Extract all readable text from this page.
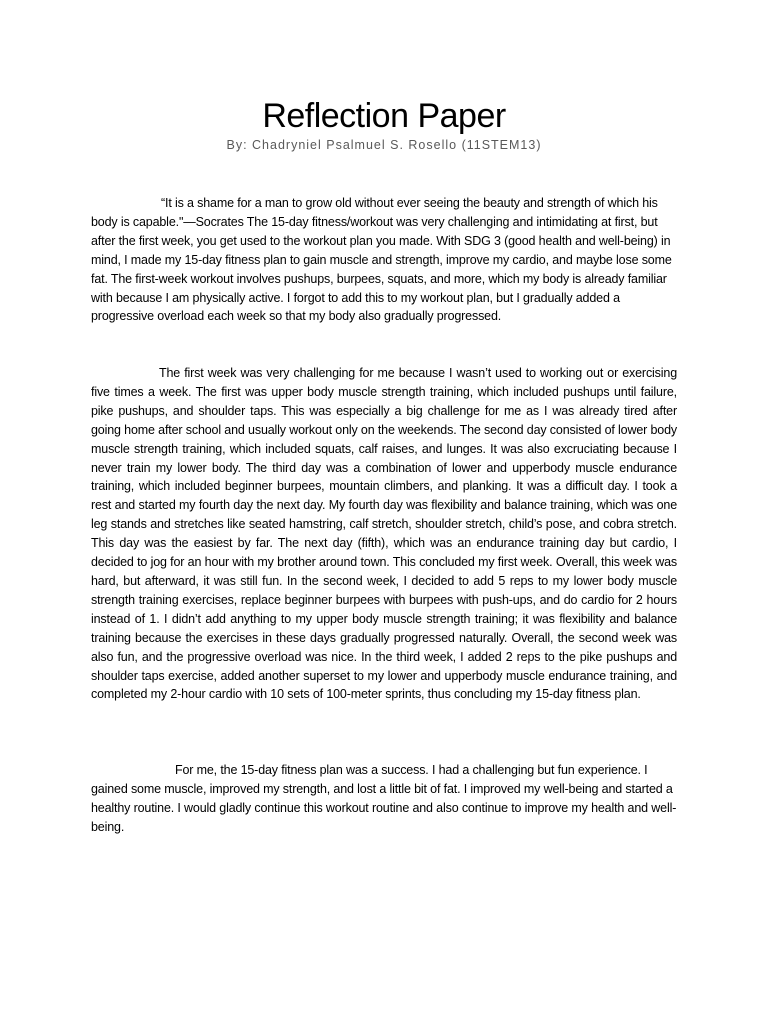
Reflection Paper
By: Chadryniel Psalmuel S. Rosello (11STEM13)

“It is a shame for a man to grow old without ever seeing the beauty and strength of which his body is capable."—Socrates The 15-day fitness/workout was very challenging and intimidating at first, but after the first week, you get used to the workout plan you made. With SDG 3 (good health and well-being) in mind, I made my 15-day fitness plan to gain muscle and strength, improve my cardio, and maybe lose some fat. The first-week workout involves pushups, burpees, squats, and more, which my body is already familiar with because I am physically active. I forgot to add this to my workout plan, but I gradually added a progressive overload each week so that my body also gradually progressed.

The first week was very challenging for me because I wasn’t used to working out or exercising five times a week. The first was upper body muscle strength training, which included pushups until failure, pike pushups, and shoulder taps. This was especially a big challenge for me as I was already tired after going home after school and usually workout only on the weekends. The second day consisted of lower body muscle strength training, which included squats, calf raises, and lunges. It was also excruciating because I never train my lower body. The third day was a combination of lower and upperbody muscle endurance training, which included beginner burpees, mountain climbers, and planking. It was a difficult day. I took a rest and started my fourth day the next day. My fourth day was flexibility and balance training, which was one leg stands and stretches like seated hamstring, calf stretch, shoulder stretch, child’s pose, and cobra stretch. This day was the easiest by far. The next day (fifth), which was an endurance training day but cardio, I decided to jog for an hour with my brother around town. This concluded my first week. Overall, this week was hard, but afterward, it was still fun. In the second week, I decided to add 5 reps to my lower body muscle strength training exercises, replace beginner burpees with burpees with push-ups, and do cardio for 2 hours instead of 1. I didn’t add anything to my upper body muscle strength training; it was flexibility and balance training because the exercises in these days gradually progressed naturally. Overall, the second week was also fun, and the progressive overload was nice. In the third week, I added 2 reps to the pike pushups and shoulder taps exercise, added another superset to my lower and upperbody muscle endurance training, and completed my 2-hour cardio with 10 sets of 100-meter sprints, thus concluding my 15-day fitness plan.

For me, the 15-day fitness plan was a success. I had a challenging but fun experience. I gained some muscle, improved my strength, and lost a little bit of fat. I improved my well-being and started a healthy routine. I would gladly continue this workout routine and also continue to improve my health and well-being.
